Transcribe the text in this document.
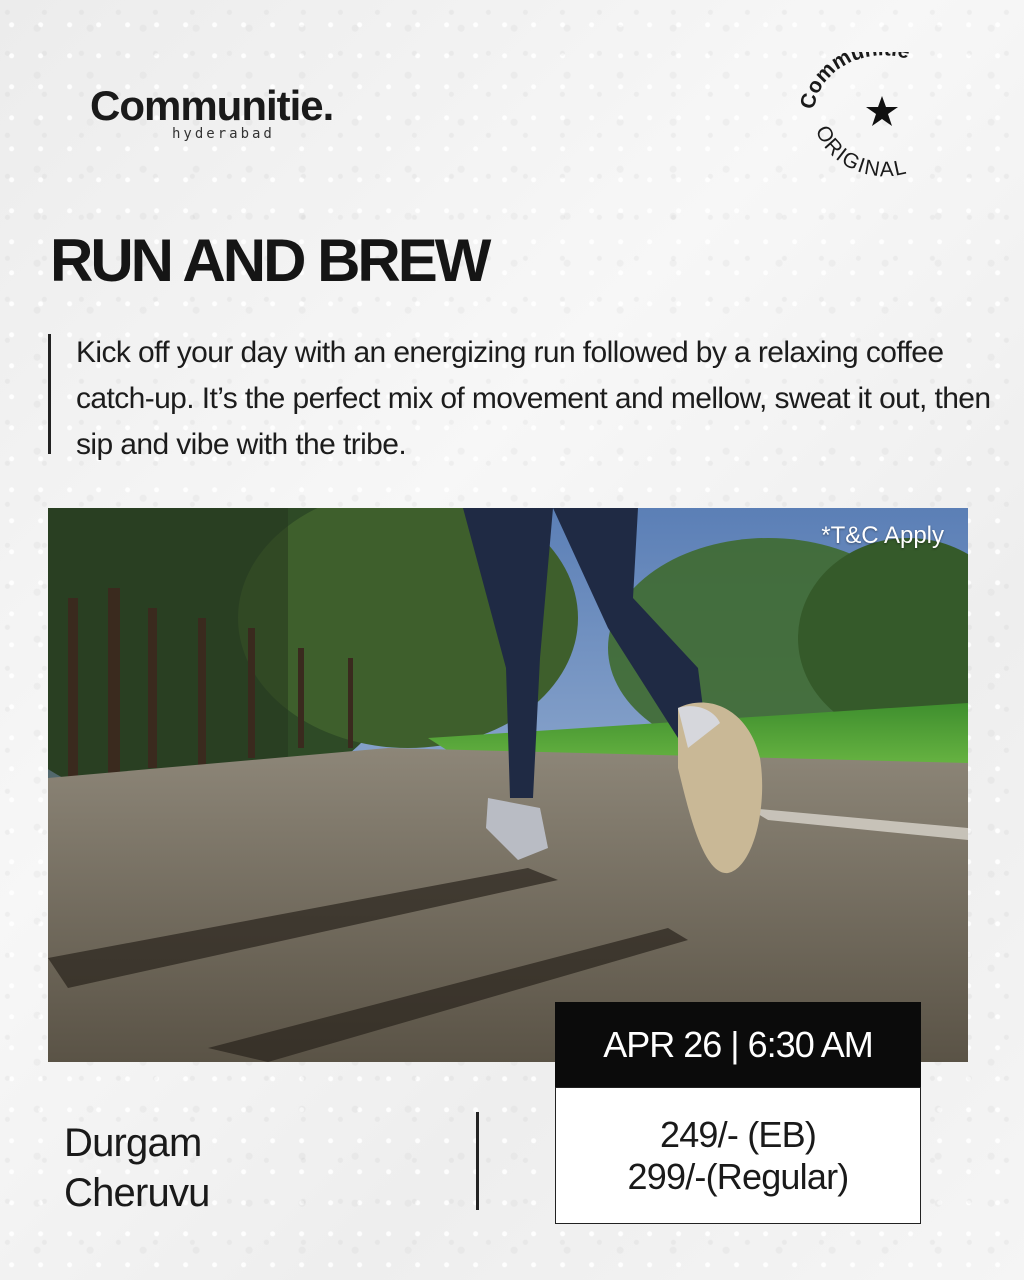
Communitie.
hyderabad
ommu
ORIGINAL
RUN AND BREW

Kick off your day with an energizing run followed by a relaxing coffee catch-up. It’s the perfect mix of movement and mellow, sweat it out, then sip and vibe with the tribe.

*T&C Apply
APR 26 | 6:30 AM
249/- (EB)
299/-(Regular)
Durgam
Cheruvu
